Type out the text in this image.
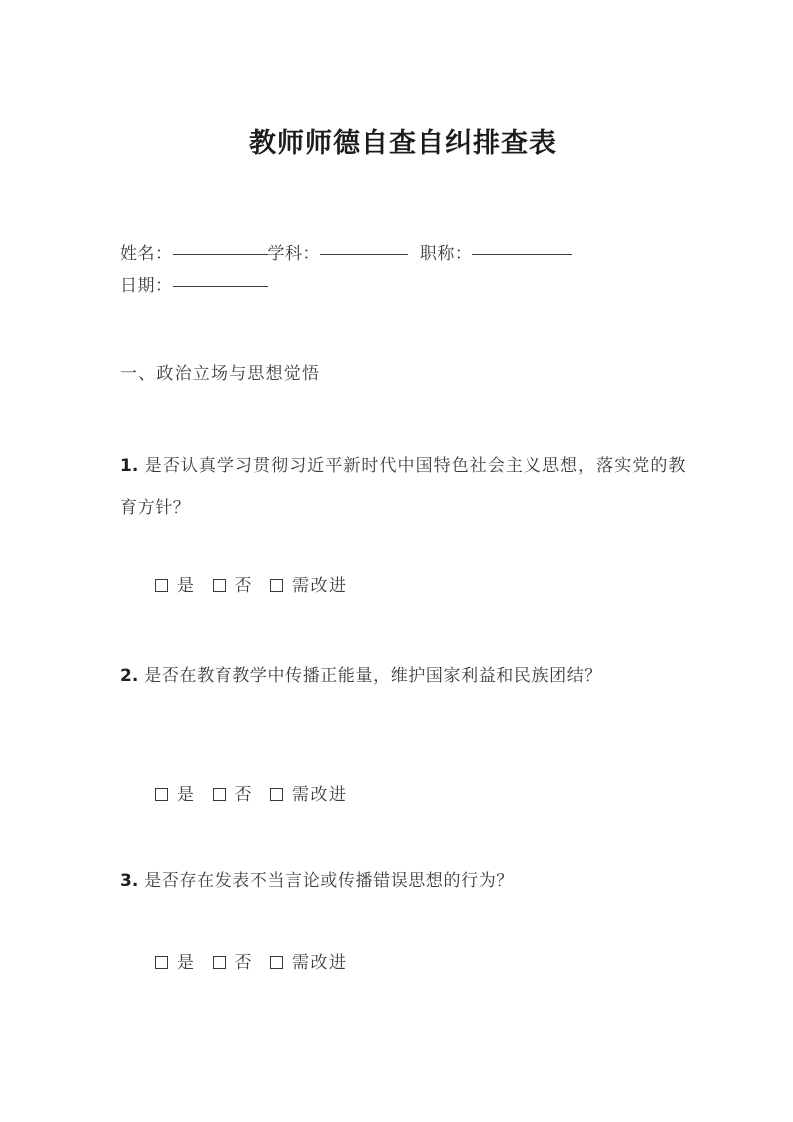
教师师德自查自纠排查表
姓名：	学科：	职称：
日期：
一、政治立场与思想觉悟

1. 是否认真学习贯彻习近平新时代中国特色社会主义思想，落实党的教育方针？

是 否 需改进

2. 是否在教育教学中传播正能量，维护国家利益和民族团结？

是 否 需改进

3. 是否存在发表不当言论或传播错误思想的行为？

是 否 需改进
